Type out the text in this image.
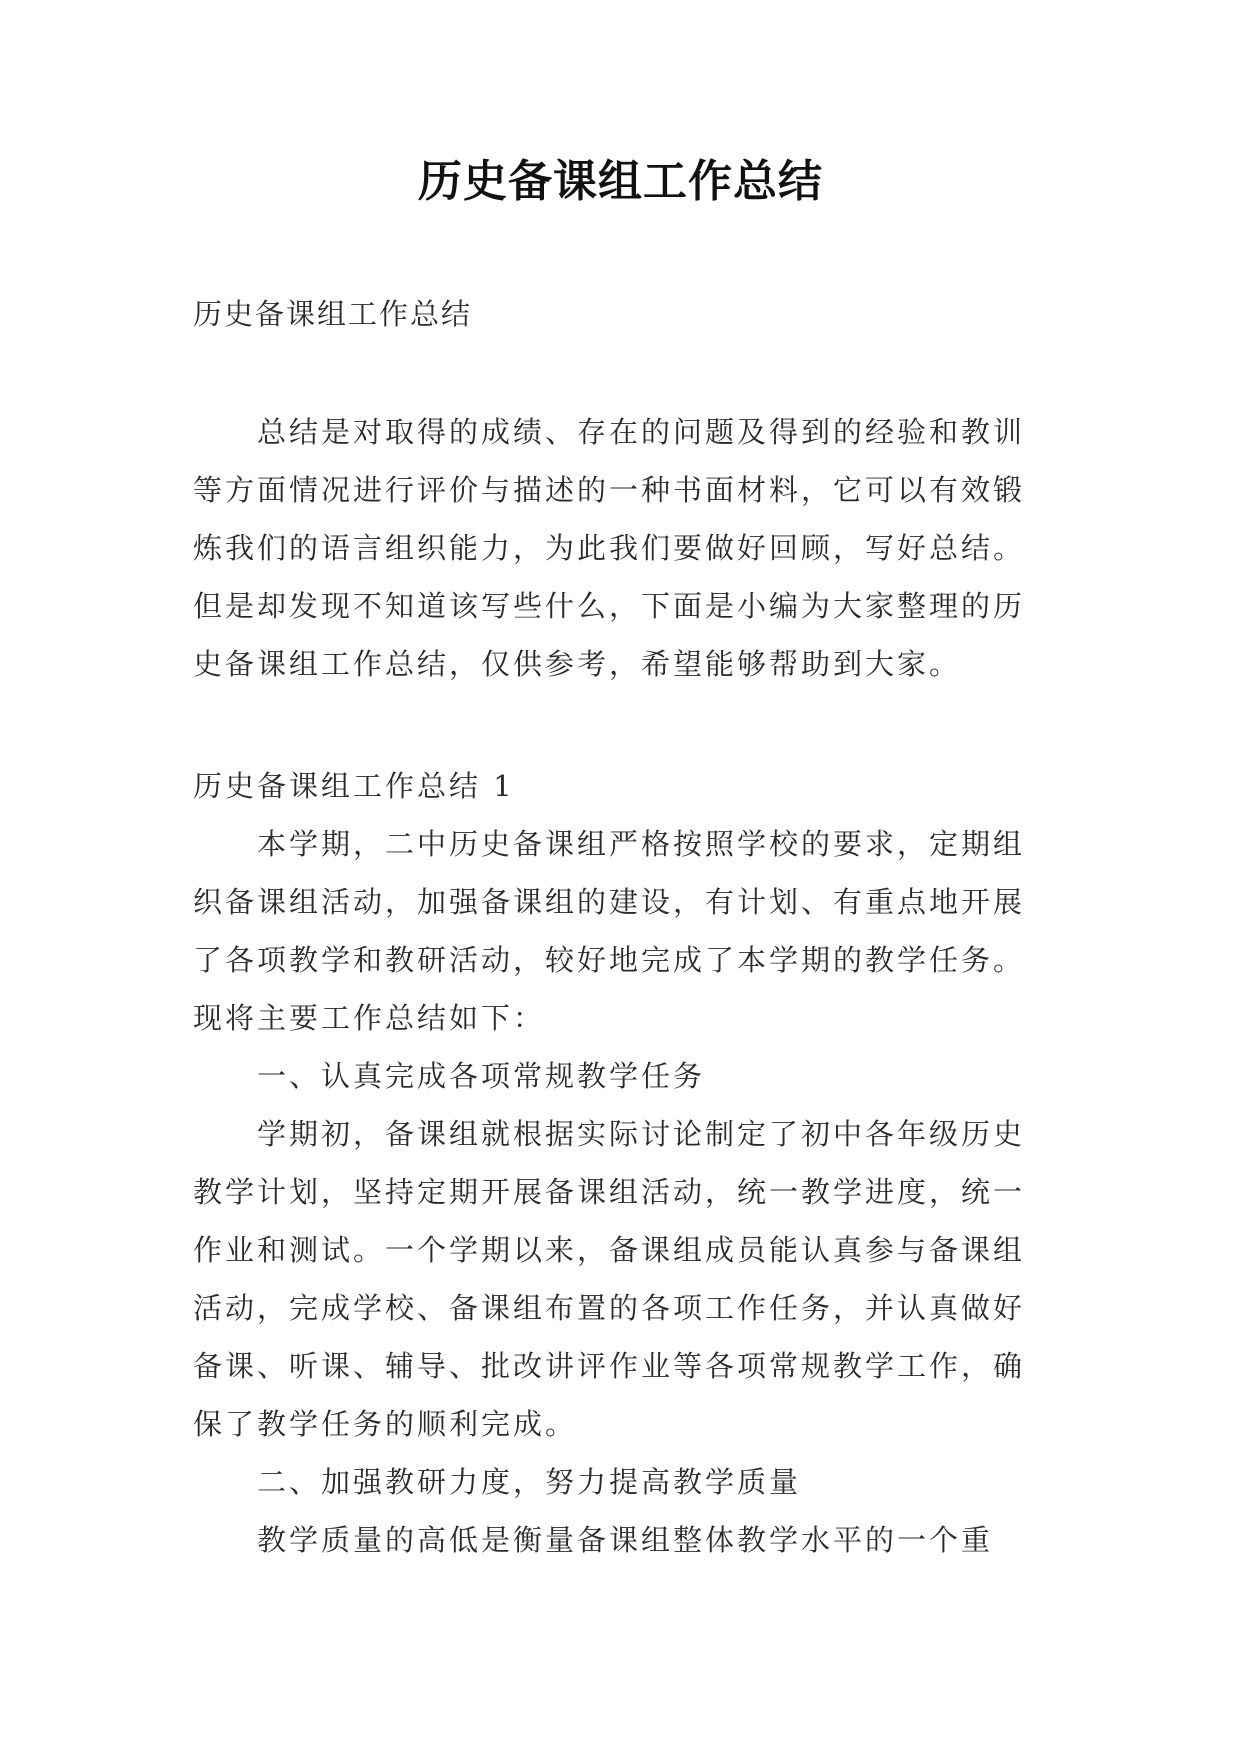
历史备课组工作总结
历史备课组工作总结
总结是对取得的成绩、存在的问题及得到的经验和教训
等方面情况进行评价与描述的一种书面材料，它可以有效锻
炼我们的语言组织能力，为此我们要做好回顾，写好总结。
但是却发现不知道该写些什么，下面是小编为大家整理的历
史备课组工作总结，仅供参考，希望能够帮助到大家。
历史备课组工作总结 1
本学期，二中历史备课组严格按照学校的要求，定期组
织备课组活动，加强备课组的建设，有计划、有重点地开展
了各项教学和教研活动，较好地完成了本学期的教学任务。
现将主要工作总结如下：
一、认真完成各项常规教学任务
学期初，备课组就根据实际讨论制定了初中各年级历史
教学计划，坚持定期开展备课组活动，统一教学进度，统一
作业和测试。一个学期以来，备课组成员能认真参与备课组
活动，完成学校、备课组布置的各项工作任务，并认真做好
备课、听课、辅导、批改讲评作业等各项常规教学工作，确
保了教学任务的顺利完成。
二、加强教研力度，努力提高教学质量
教学质量的高低是衡量备课组整体教学水平的一个重
